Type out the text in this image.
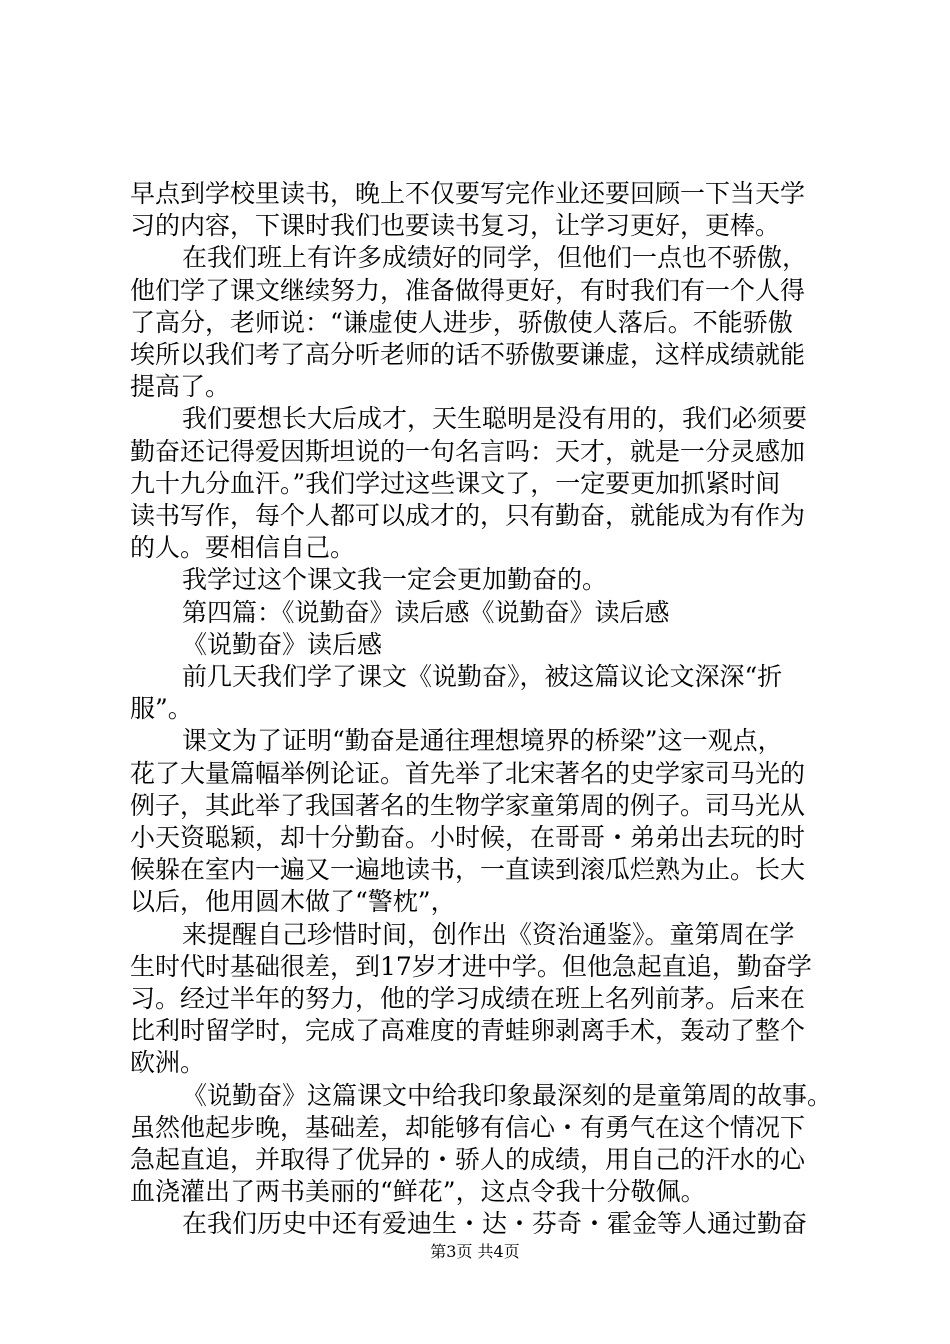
早点到学校里读书，晚上不仅要写完作业还要回顾一下当天学
习的内容，下课时我们也要读书复习，让学习更好，更棒。
在我们班上有许多成绩好的同学，但他们一点也不骄傲，
他们学了课文继续努力，准备做得更好，有时我们有一个人得
了高分，老师说：“谦虚使人进步，骄傲使人落后。不能骄傲
埃所以我们考了高分听老师的话不骄傲要谦虚，这样成绩就能
提高了。
我们要想长大后成才，天生聪明是没有用的，我们必须要
勤奋还记得爱因斯坦说的一句名言吗：天才，就是一分灵感加
九十九分血汗。”我们学过这些课文了，一定要更加抓紧时间
读书写作，每个人都可以成才的，只有勤奋，就能成为有作为
的人。要相信自己。
我学过这个课文我一定会更加勤奋的。
第四篇：《说勤奋》读后感《说勤奋》读后感
《说勤奋》读后感
前几天我们学了课文《说勤奋》，被这篇议论文深深“折
服”。
课文为了证明“勤奋是通往理想境界的桥梁”这一观点，
花了大量篇幅举例论证。首先举了北宋著名的史学家司马光的
例子，其此举了我国著名的生物学家童第周的例子。司马光从
小天资聪颖，却十分勤奋。小时候，在哥哥・弟弟出去玩的时
候躲在室内一遍又一遍地读书，一直读到滚瓜烂熟为止。长大
以后，他用圆木做了“警枕”，
来提醒自己珍惜时间，创作出《资治通鉴》。童第周在学
生时代时基础很差，到17岁才进中学。但他急起直追，勤奋学
习。经过半年的努力，他的学习成绩在班上名列前茅。后来在
比利时留学时，完成了高难度的青蛙卵剥离手术，轰动了整个
欧洲。
《说勤奋》这篇课文中给我印象最深刻的是童第周的故事。
虽然他起步晚，基础差，却能够有信心・有勇气在这个情况下
急起直追，并取得了优异的・骄人的成绩，用自己的汗水的心
血浇灌出了两书美丽的“鲜花”，这点令我十分敬佩。
在我们历史中还有爱迪生・达・芬奇・霍金等人通过勤奋
第3页 共4页
